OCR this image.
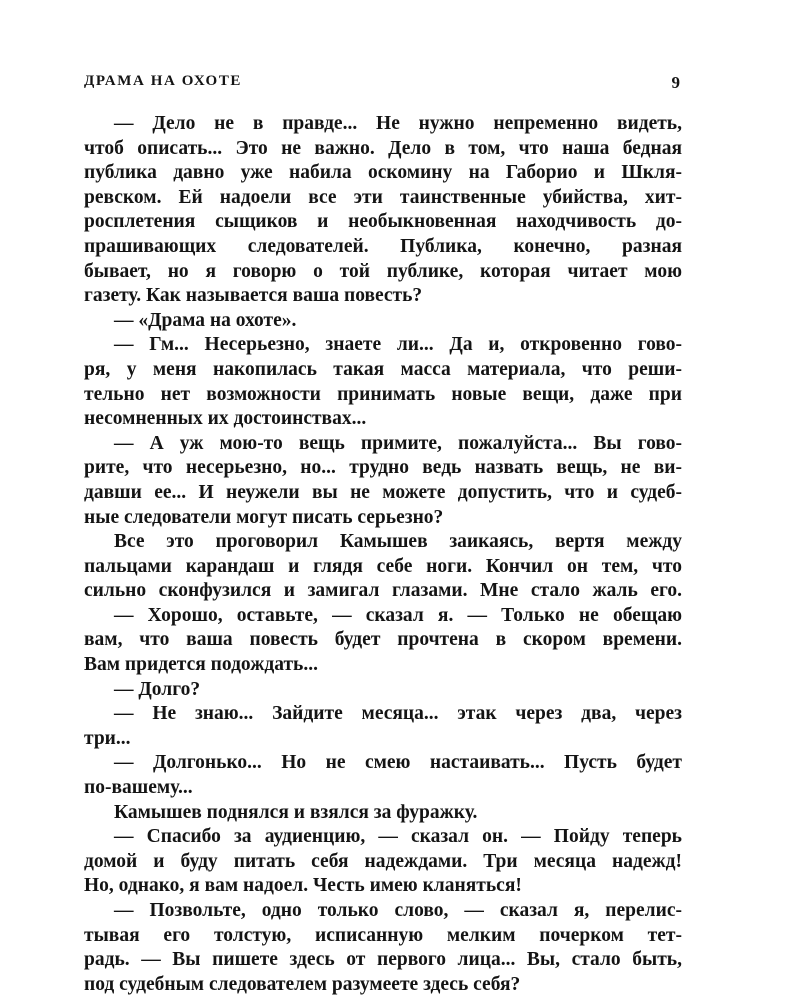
ДРАМА НА ОХОТЕ	9
— Дело не в правде... Не нужно непременно видеть,
чтоб описать... Это не важно. Дело в том, что наша бедная
публика давно уже набила оскомину на Габорио и Шкля-
ревском. Ей надоели все эти таинственные убийства, хит-
росплетения сыщиков и необыкновенная находчивость до-
прашивающих следователей. Публика, конечно, разная
бывает, но я говорю о той публике, которая читает мою
газету. Как называется ваша повесть?
— «Драма на охоте».
— Гм... Несерьезно, знаете ли... Да и, откровенно гово-
ря, у меня накопилась такая масса материала, что реши-
тельно нет возможности принимать новые вещи, даже при
несомненных их достоинствах...
— А уж мою-то вещь примите, пожалуйста... Вы гово-
рите, что несерьезно, но... трудно ведь назвать вещь, не ви-
давши ее... И неужели вы не можете допустить, что и судеб-
ные следователи могут писать серьезно?
Все это проговорил Камышев заикаясь, вертя между
пальцами карандаш и глядя себе ноги. Кончил он тем, что
сильно сконфузился и замигал глазами. Мне стало жаль его.
— Хорошо, оставьте, — сказал я. — Только не обещаю
вам, что ваша повесть будет прочтена в скором времени.
Вам придется подождать...
— Долго?
— Не знаю... Зайдите месяца... этак через два, через
три...
— Долгонько... Но не смею настаивать... Пусть будет
по-вашему...
Камышев поднялся и взялся за фуражку.
— Спасибо за аудиенцию, — сказал он. — Пойду теперь
домой и буду питать себя надеждами. Три месяца надежд!
Но, однако, я вам надоел. Честь имею кланяться!
— Позвольте, одно только слово, — сказал я, перелис-
тывая его толстую, исписанную мелким почерком тет-
радь. — Вы пишете здесь от первого лица... Вы, стало быть,
под судебным следователем разумеете здесь себя?
